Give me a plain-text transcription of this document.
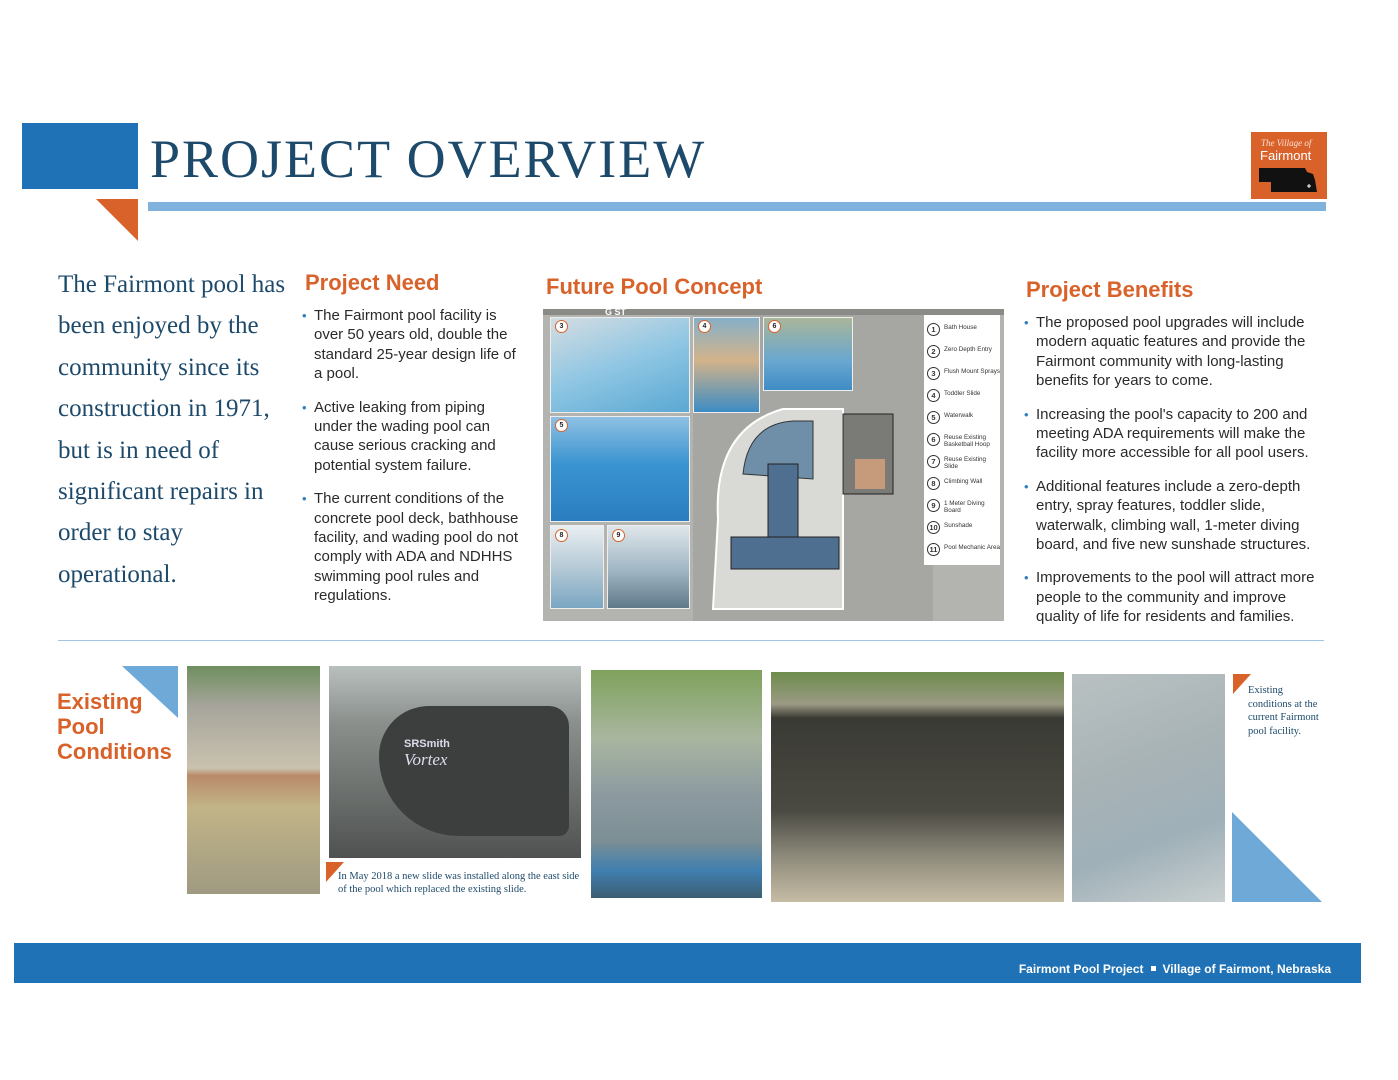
PROJECT OVERVIEW	The Village of
Fairmont
The Fairmont pool has been enjoyed by the community since its construction in 1971, but is in need of significant repairs in order to stay operational.
Project Need
• The Fairmont pool facility is over 50 years old, double the standard 25-year design life of a pool.
• Active leaking from piping under the wading pool can cause serious cracking and potential system failure.
• The current conditions of the concrete pool deck, bathhouse facility, and wading pool do not comply with ADA and NDHHS swimming pool rules and regulations.
Future Pool Concept
3	4	6
5
8	9
G ST
1	Bath House
2	Zero Depth Entry
3	Flush Mount Sprays
4	Toddler Slide
5	Waterwalk
6	Reuse Existing Basketball Hoop
7	Reuse Existing Slide
8	Climbing Wall
9	1 Meter Diving Board
10	Sunshade
11	Pool Mechanic Area
Project Benefits
• The proposed pool upgrades will include modern aquatic features and provide the Fairmont community with long-lasting benefits for years to come.
• Increasing the pool's capacity to 200 and meeting ADA requirements will make the facility more accessible for all pool users.
• Additional features include a zero-depth entry, spray features, toddler slide, waterwalk, climbing wall, 1-meter diving board, and five new sunshade structures.
• Improvements to the pool will attract more people to the community and improve quality of life for residents and families.
Existing
Pool
Conditions	SRSmith
Vortex
In May 2018 a new slide was installed along the east side of the pool which replaced the existing slide.
Existing conditions at the current Fairmont pool facility.
Fairmont Pool Project Village of Fairmont, Nebraska
